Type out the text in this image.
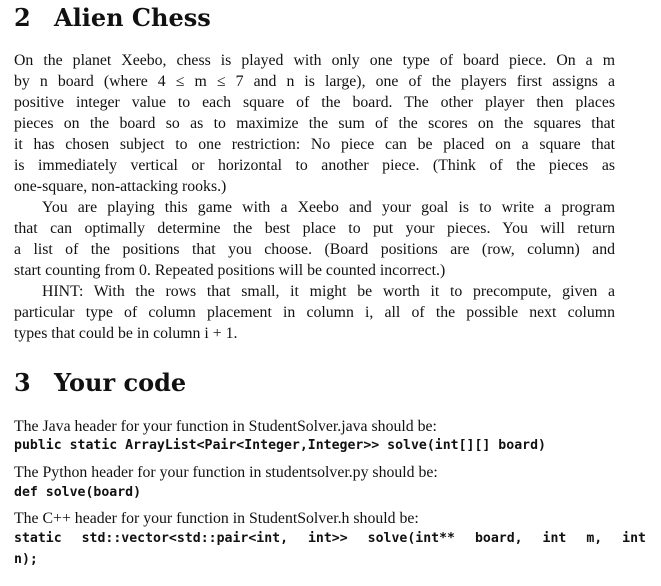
2 Alien Chess

On the planet Xeebo, chess is played with only one type of board piece. On a m

by n board (where 4 ≤ m ≤ 7 and n is large), one of the players first assigns a

positive integer value to each square of the board. The other player then places

pieces on the board so as to maximize the sum of the scores on the squares that

it has chosen subject to one restriction: No piece can be placed on a square that

is immediately vertical or horizontal to another piece. (Think of the pieces as

one-square, non-attacking rooks.)

You are playing this game with a Xeebo and your goal is to write a program

that can optimally determine the best place to put your pieces. You will return

a list of the positions that you choose. (Board positions are (row, column) and

start counting from 0. Repeated positions will be counted incorrect.)

HINT: With the rows that small, it might be worth it to precompute, given a

particular type of column placement in column i, all of the possible next column

types that could be in column i + 1.

3 Your code

The Java header for your function in StudentSolver.java should be:

public static ArrayList<Pair<Integer,Integer>> solve(int[][] board)

The Python header for your function in studentsolver.py should be:

def solve(board)

The C++ header for your function in StudentSolver.h should be:

static std::vector<std::pair<int, int>> solve(int** board, int m, int

n);
